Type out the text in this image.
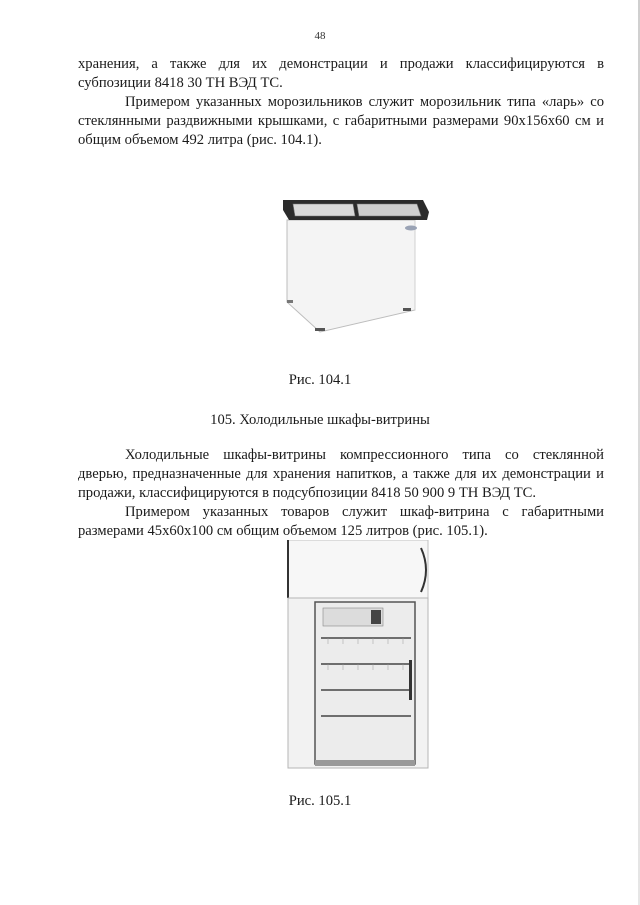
48

хранения, а также для их демонстрации и продажи классифицируются в субпозиции 8418 30 ТН ВЭД ТС.

Примером указанных морозильников служит морозильник типа «ларь» со стеклянными раздвижными крышками, с габаритными размерами 90х156х60 см и общим объемом 492 литра (рис. 104.1).

Рис. 104.1

105. Холодильные шкафы-витрины

Холодильные шкафы-витрины компрессионного типа со стеклянной дверью, предназначенные для хранения напитков, а также для их демонстрации и продажи, классифицируются в подсубпозиции 8418 50 900 9 ТН ВЭД ТС.

Примером указанных товаров служит шкаф-витрина с габаритными размерами 45х60х100 см общим объемом 125 литров (рис. 105.1).

Рис. 105.1
